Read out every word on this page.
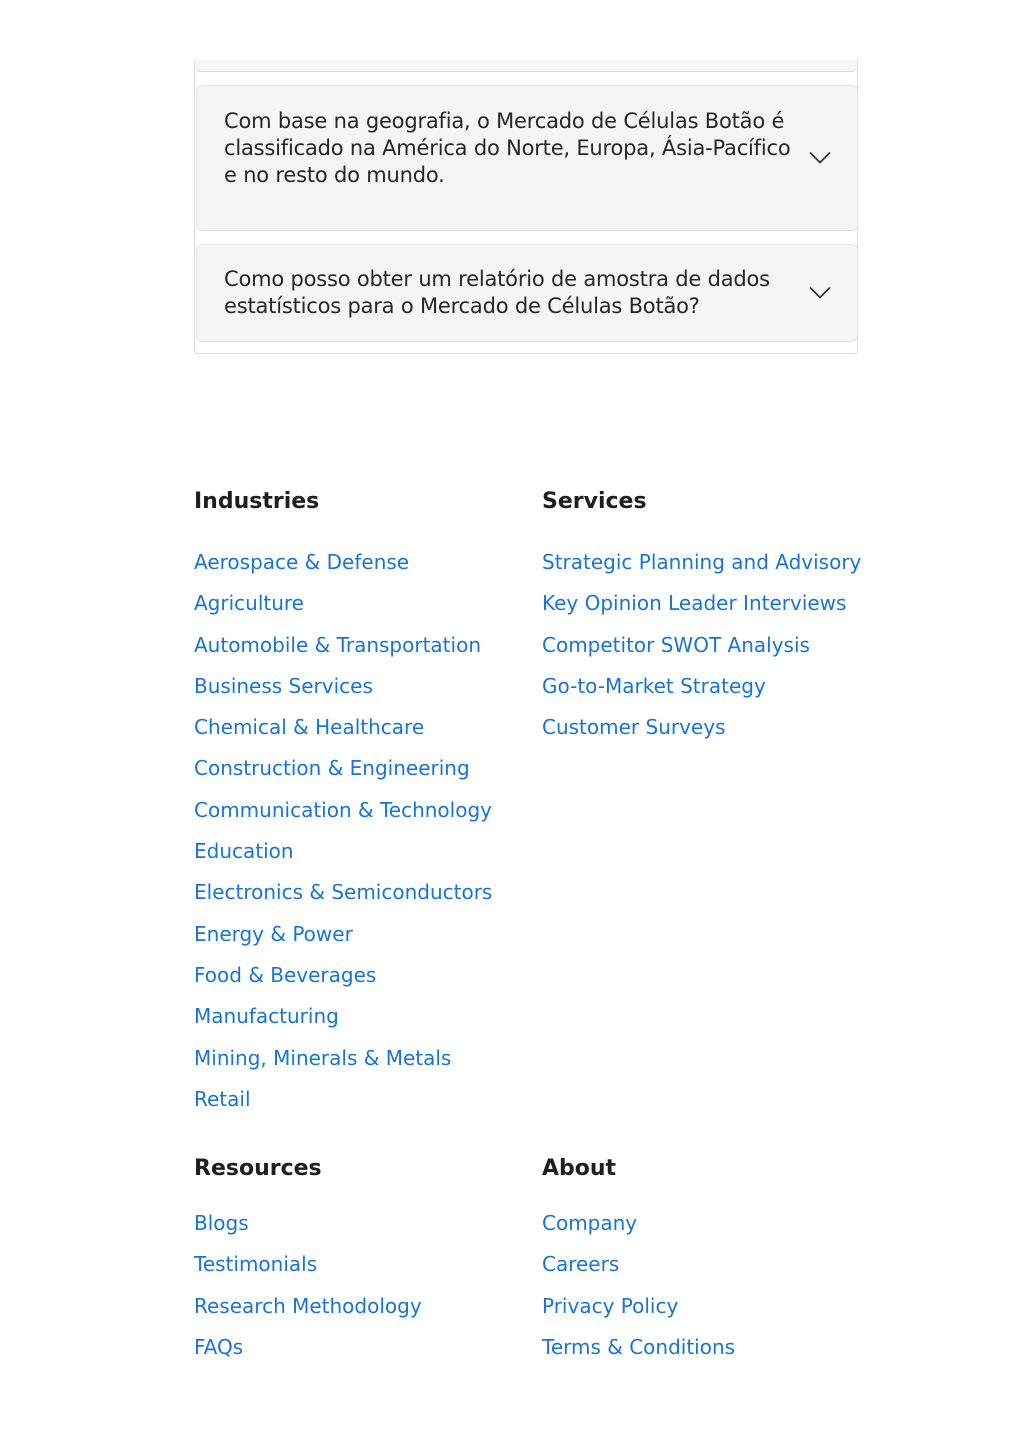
Com base na geografia, o Mercado de Células Botão é classificado na América do Norte, Europa, Ásia-Pacífico e no resto do mundo.
Como posso obter um relatório de amostra de dados estatísticos para o Mercado de Células Botão?
Industries
Aerospace & Defense
Agriculture
Automobile & Transportation
Business Services
Chemical & Healthcare
Construction & Engineering
Communication & Technology
Education
Electronics & Semiconductors
Energy & Power
Food & Beverages
Manufacturing
Mining, Minerals & Metals
Retail
Services
Strategic Planning and Advisory
Key Opinion Leader Interviews
Competitor SWOT Analysis
Go-to-Market Strategy
Customer Surveys
Resources
Blogs
Testimonials
Research Methodology
FAQs
About
Company
Careers
Privacy Policy
Terms & Conditions
